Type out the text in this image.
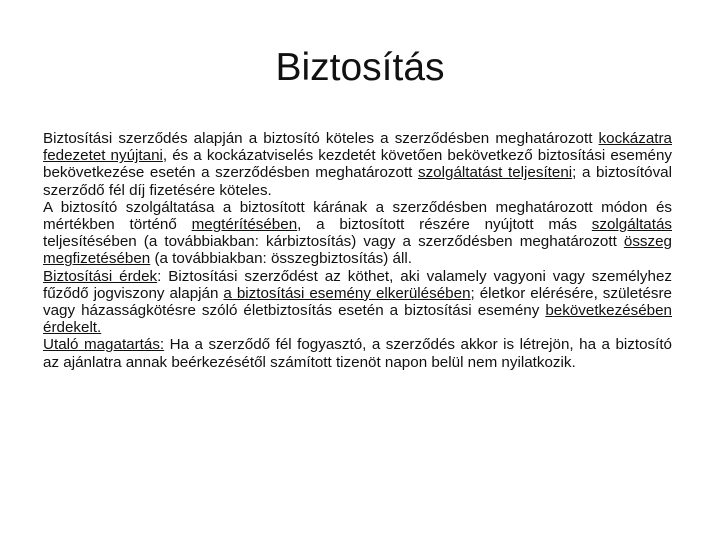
Biztosítás

Biztosítási szerződés alapján a biztosító köteles a szerződésben meghatározott kockázatra fedezetet nyújtani, és a kockázatviselés kezdetét követően bekövetkező biztosítási esemény bekövetkezése esetén a szerződésben meghatározott szolgáltatást teljesíteni; a biztosítóval szerződő fél díj fizetésére köteles.

A biztosító szolgáltatása a biztosított kárának a szerződésben meghatározott módon és mértékben történő megtérítésében, a biztosított részére nyújtott más szolgáltatás teljesítésében (a továbbiakban: kárbiztosítás) vagy a szerződésben meghatározott összeg megfizetésében (a továbbiakban: összegbiztosítás) áll.

Biztosítási érdek: Biztosítási szerződést az köthet, aki valamely vagyoni vagy személyhez fűződő jogviszony alapján a biztosítási esemény elkerülésében; életkor elérésére, születésre vagy házasságkötésre szóló életbiztosítás esetén a biztosítási esemény bekövetkezésében érdekelt.

Utaló magatartás: Ha a szerződő fél fogyasztó, a szerződés akkor is létrejön, ha a biztosító az ajánlatra annak beérkezésétől számított tizenöt napon belül nem nyilatkozik.
